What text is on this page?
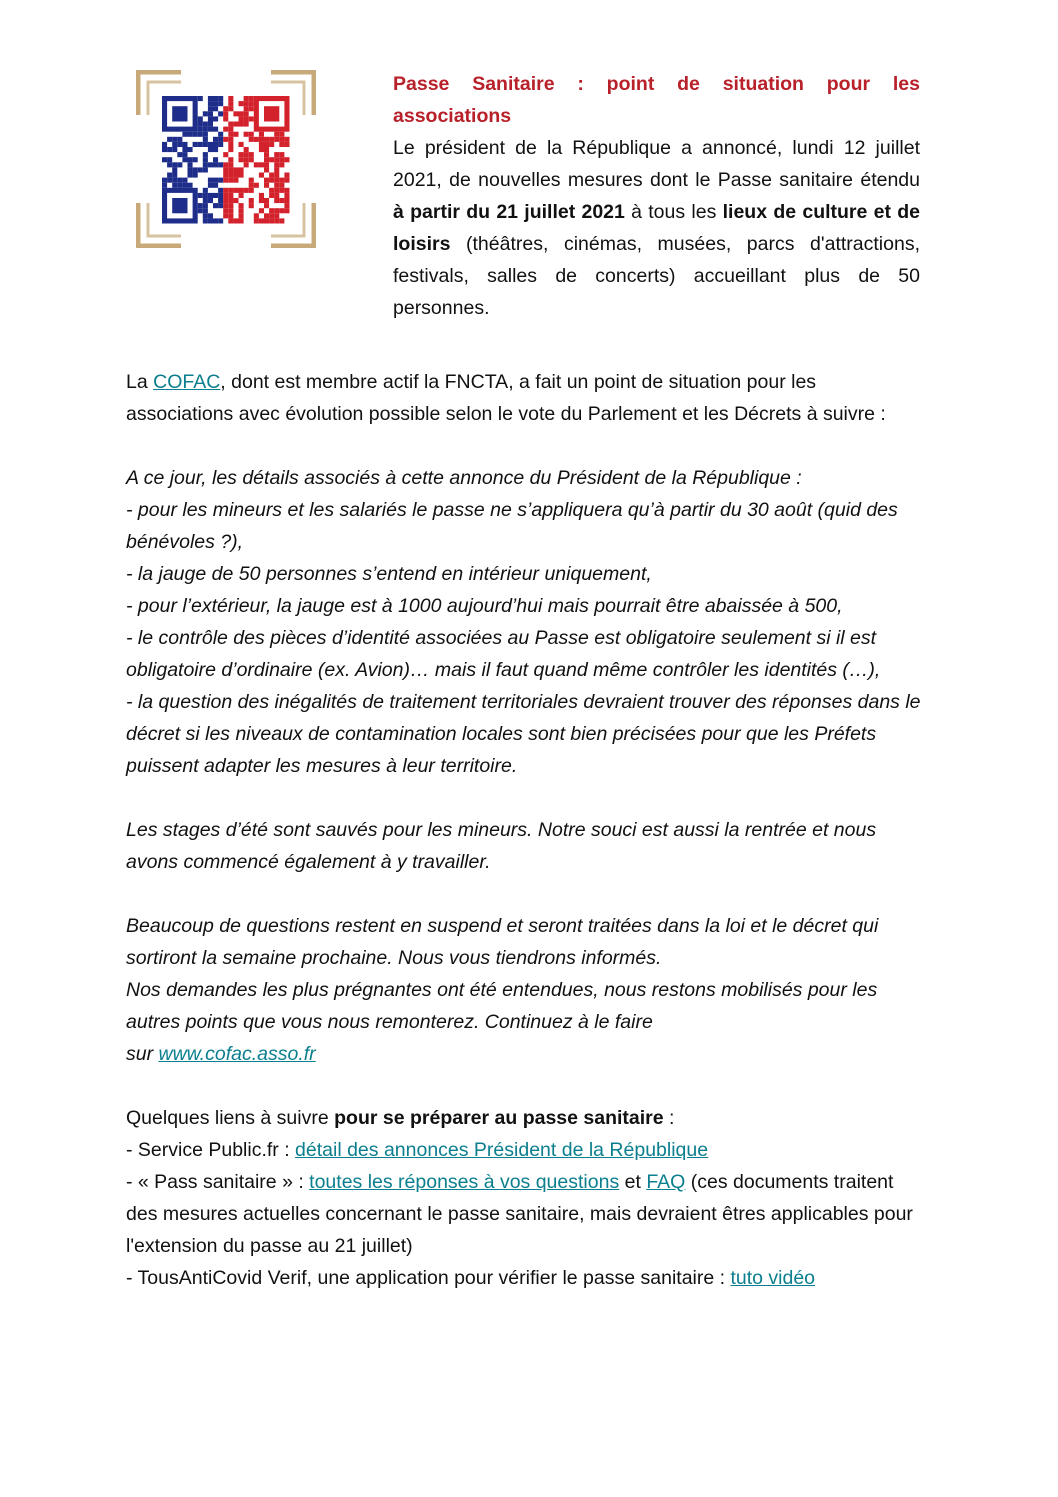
Passe Sanitaire : point de situation pour les associations

Le président de la République a annoncé, lundi 12 juillet 2021, de nouvelles mesures dont le Passe sanitaire étendu à partir du 21 juillet 2021 à tous les lieux de culture et de loisirs (théâtres, cinémas, musées, parcs d'attractions, festivals, salles de concerts) accueillant plus de 50 personnes.

La COFAC, dont est membre actif la FNCTA, a fait un point de situation pour les associations avec évolution possible selon le vote du Parlement et les Décrets à suivre :

A ce jour, les détails associés à cette annonce du Président de la République :

- pour les mineurs et les salariés le passe ne s’appliquera qu’à partir du 30 août (quid des bénévoles ?),

- la jauge de 50 personnes s’entend en intérieur uniquement,

- pour l’extérieur, la jauge est à 1000 aujourd’hui mais pourrait être abaissée à 500,

- le contrôle des pièces d’identité associées au Passe est obligatoire seulement si il est obligatoire d’ordinaire (ex. Avion)… mais il faut quand même contrôler les identités (…),

- la question des inégalités de traitement territoriales devraient trouver des réponses dans le décret si les niveaux de contamination locales sont bien précisées pour que les Préfets puissent adapter les mesures à leur territoire.

Les stages d’été sont sauvés pour les mineurs. Notre souci est aussi la rentrée et nous avons commencé également à y travailler.

Beaucoup de questions restent en suspend et seront traitées dans la loi et le décret qui sortiront la semaine prochaine. Nous vous tiendrons informés.

Nos demandes les plus prégnantes ont été entendues, nous restons mobilisés pour les autres points que vous nous remonterez. Continuez à le faire

sur www.cofac.asso.fr

Quelques liens à suivre pour se préparer au passe sanitaire :

- Service Public.fr : détail des annonces Président de la République

- « Pass sanitaire » : toutes les réponses à vos questions et FAQ (ces documents traitent des mesures actuelles concernant le passe sanitaire, mais devraient êtres applicables pour l'extension du passe au 21 juillet)

- TousAntiCovid Verif, une application pour vérifier le passe sanitaire : tuto vidéo
